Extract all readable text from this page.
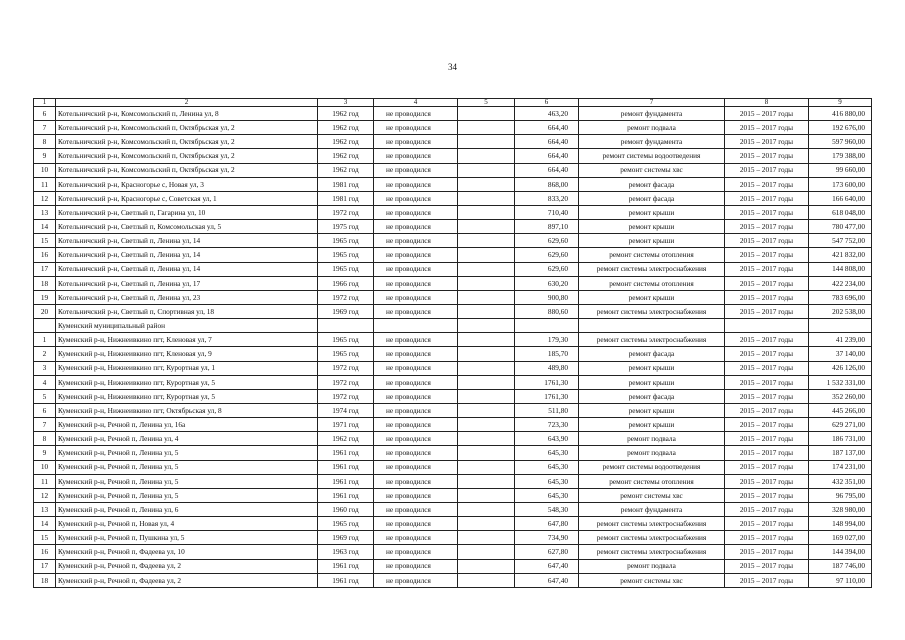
34
1	2	3	4	5	6	7	8	9
6	Котельничский р-н, Комсомольский п, Ленина ул, 8	1962 год	не проводился		463,20	ремонт фундамента	2015 – 2017 годы	416 880,00
7	Котельничский р-н, Комсомольский п, Октябрьская ул, 2	1962 год	не проводился		664,40	ремонт подвала	2015 – 2017 годы	192 676,00
8	Котельничский р-н, Комсомольский п, Октябрьская ул, 2	1962 год	не проводился		664,40	ремонт фундамента	2015 – 2017 годы	597 960,00
9	Котельничский р-н, Комсомольский п, Октябрьская ул, 2	1962 год	не проводился		664,40	ремонт системы водоотведения	2015 – 2017 годы	179 388,00
10	Котельничский р-н, Комсомольский п, Октябрьская ул, 2	1962 год	не проводился		664,40	ремонт системы хвс	2015 – 2017 годы	99 660,00
11	Котельничский р-н, Красногорье с, Новая ул, 3	1981 год	не проводился		868,00	ремонт фасада	2015 – 2017 годы	173 600,00
12	Котельничский р-н, Красногорье с, Советская ул, 1	1981 год	не проводился		833,20	ремонт фасада	2015 – 2017 годы	166 640,00
13	Котельничский р-н, Светлый п, Гагарина ул, 10	1972 год	не проводился		710,40	ремонт крыши	2015 – 2017 годы	618 048,00
14	Котельничский р-н, Светлый п, Комсомольская ул, 5	1975 год	не проводился		897,10	ремонт крыши	2015 – 2017 годы	780 477,00
15	Котельничский р-н, Светлый п, Ленина ул, 14	1965 год	не проводился		629,60	ремонт крыши	2015 – 2017 годы	547 752,00
16	Котельничский р-н, Светлый п, Ленина ул, 14	1965 год	не проводился		629,60	ремонт системы отопления	2015 – 2017 годы	421 832,00
17	Котельничский р-н, Светлый п, Ленина ул, 14	1965 год	не проводился		629,60	ремонт системы электроснабжения	2015 – 2017 годы	144 808,00
18	Котельничский р-н, Светлый п, Ленина ул, 17	1966 год	не проводился		630,20	ремонт системы отопления	2015 – 2017 годы	422 234,00
19	Котельничский р-н, Светлый п, Ленина ул, 23	1972 год	не проводился		900,80	ремонт крыши	2015 – 2017 годы	783 696,00
20	Котельничский р-н, Светлый п, Спортивная ул, 18	1969 год	не проводился		880,60	ремонт системы электроснабжения	2015 – 2017 годы	202 538,00
	Куменский муниципальный район							
1	Куменский р-н, Нижнеивкино пгт, Кленовая ул, 7	1965 год	не проводился		179,30	ремонт системы электроснабжения	2015 – 2017 годы	41 239,00
2	Куменский р-н, Нижнеивкино пгт, Кленовая ул, 9	1965 год	не проводился		185,70	ремонт фасада	2015 – 2017 годы	37 140,00
3	Куменский р-н, Нижнеивкино пгт, Курортная ул, 1	1972 год	не проводился		489,80	ремонт крыши	2015 – 2017 годы	426 126,00
4	Куменский р-н, Нижнеивкино пгт, Курортная ул, 5	1972 год	не проводился		1761,30	ремонт крыши	2015 – 2017 годы	1 532 331,00
5	Куменский р-н, Нижнеивкино пгт, Курортная ул, 5	1972 год	не проводился		1761,30	ремонт фасада	2015 – 2017 годы	352 260,00
6	Куменский р-н, Нижнеивкино пгт, Октябрьская ул, 8	1974 год	не проводился		511,80	ремонт крыши	2015 – 2017 годы	445 266,00
7	Куменский р-н, Речной п, Ленина ул, 16а	1971 год	не проводился		723,30	ремонт крыши	2015 – 2017 годы	629 271,00
8	Куменский р-н, Речной п, Ленина ул, 4	1962 год	не проводился		643,90	ремонт подвала	2015 – 2017 годы	186 731,00
9	Куменский р-н, Речной п, Ленина ул, 5	1961 год	не проводился		645,30	ремонт подвала	2015 – 2017 годы	187 137,00
10	Куменский р-н, Речной п, Ленина ул, 5	1961 год	не проводился		645,30	ремонт системы водоотведения	2015 – 2017 годы	174 231,00
11	Куменский р-н, Речной п, Ленина ул, 5	1961 год	не проводился		645,30	ремонт системы отопления	2015 – 2017 годы	432 351,00
12	Куменский р-н, Речной п, Ленина ул, 5	1961 год	не проводился		645,30	ремонт системы хвс	2015 – 2017 годы	96 795,00
13	Куменский р-н, Речной п, Ленина ул, 6	1960 год	не проводился		548,30	ремонт фундамента	2015 – 2017 годы	328 980,00
14	Куменский р-н, Речной п, Новая ул, 4	1965 год	не проводился		647,80	ремонт системы электроснабжения	2015 – 2017 годы	148 994,00
15	Куменский р-н, Речной п, Пушкина ул, 5	1969 год	не проводился		734,90	ремонт системы электроснабжения	2015 – 2017 годы	169 027,00
16	Куменский р-н, Речной п, Фадеева ул, 10	1963 год	не проводился		627,80	ремонт системы электроснабжения	2015 – 2017 годы	144 394,00
17	Куменский р-н, Речной п, Фадеева ул, 2	1961 год	не проводился		647,40	ремонт подвала	2015 – 2017 годы	187 746,00
18	Куменский р-н, Речной п, Фадеева ул, 2	1961 год	не проводился		647,40	ремонт системы хвс	2015 – 2017 годы	97 110,00
